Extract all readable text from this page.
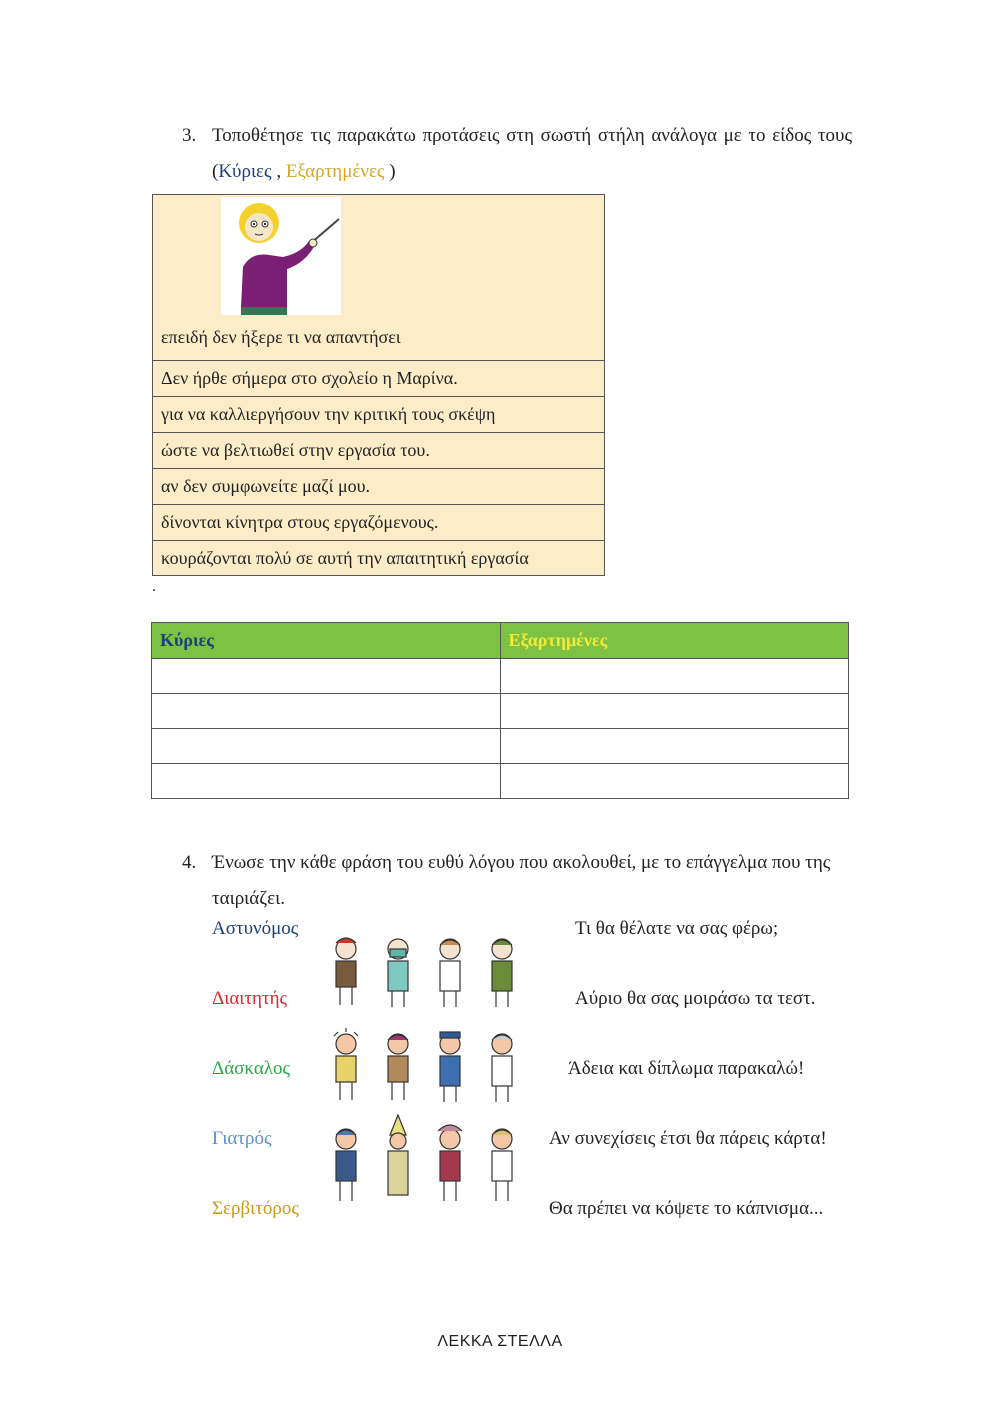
3. Τοποθέτησε τις παρακάτω προτάσεις στη σωστή στήλη ανάλογα με το είδος τους (Κύριες , Εξαρτημένες )
επειδή δεν ήξερε τι να απαντήσει
Δεν ήρθε σήμερα στο σχολείο η Μαρίνα.
για να καλλιεργήσουν την κριτική τους σκέψη
ώστε να βελτιωθεί στην εργασία του.
αν δεν συμφωνείτε μαζί μου.
δίνονται κίνητρα στους εργαζόμενους.
κουράζονται πολύ σε αυτή την απαιτητική εργασία
.
Κύριες	Εξαρτημένες

4. Ένωσε την κάθε φράση του ευθύ λόγου που ακολουθεί, με το επάγγελμα που της ταιριάζει.
Αστυνόμος
Διαιτητής
Δάσκαλος
Γιατρός
Σερβιτόρος
Τι θα θέλατε να σας φέρω;
Αύριο θα σας μοιράσω τα τεστ.
Άδεια και δίπλωμα παρακαλώ!
Αν συνεχίσεις έτσι θα πάρεις κάρτα!
Θα πρέπει να κόψετε το κάπνισμα...
ΛΕΚΚΑ ΣΤΕΛΛΑ
